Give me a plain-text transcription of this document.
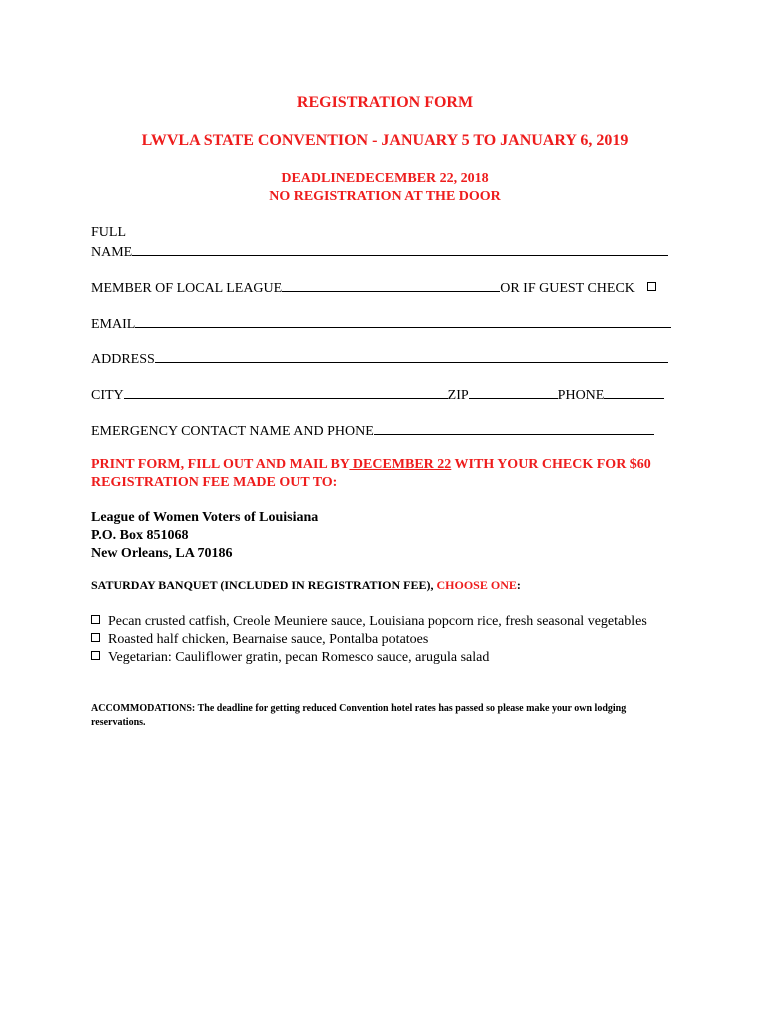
REGISTRATION FORM
LWVLA STATE CONVENTION - JANUARY 5 TO JANUARY 6, 2019
DEADLINEDECEMBER 22, 2018
NO REGISTRATION AT THE DOOR
FULL
NAME
MEMBER OF LOCAL LEAGUE	OR IF GUEST CHECK
EMAIL
ADDRESS
CITY	ZIP	PHONE
EMERGENCY CONTACT NAME AND PHONE
PRINT FORM, FILL OUT AND MAIL BY DECEMBER 22 WITH YOUR CHECK FOR $60 REGISTRATION FEE MADE OUT TO:
League of Women Voters of Louisiana
P.O. Box 851068
New Orleans, LA 70186
SATURDAY BANQUET (INCLUDED IN REGISTRATION FEE), CHOOSE ONE:
Pecan crusted catfish, Creole Meuniere sauce, Louisiana popcorn rice, fresh seasonal vegetables
Roasted half chicken, Bearnaise sauce, Pontalba potatoes
Vegetarian: Cauliflower gratin, pecan Romesco sauce, arugula salad
ACCOMMODATIONS: The deadline for getting reduced Convention hotel rates has passed so please make your own lodging reservations.
